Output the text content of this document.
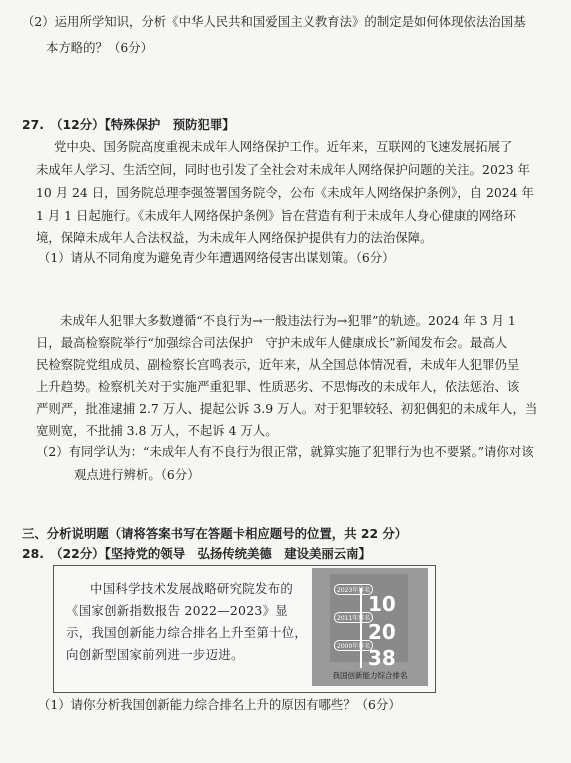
（2）运用所学知识，分析《中华人民共和国爱国主义教育法》的制定是如何体现依法治国基
本方略的？（6分）
27.　（12分）【特殊保护　预防犯罪】
党中央、国务院高度重视未成年人网络保护工作。近年来，互联网的飞速发展拓展了
未成年人学习、生活空间，同时也引发了全社会对未成年人网络保护问题的关注。2023 年
10 月 24 日，国务院总理李强签署国务院令，公布《未成年人网络保护条例》，自 2024 年
1 月 1 日起施行。《未成年人网络保护条例》旨在营造有利于未成年人身心健康的网络环
境，保障未成年人合法权益，为未成年人网络保护提供有力的法治保障。
（1）请从不同角度为避免青少年遭遇网络侵害出谋划策。（6分）
未成年人犯罪大多数遵循“不良行为→一般违法行为→犯罪”的轨迹。2024 年 3 月 1
日，最高检察院举行“加强综合司法保护　守护未成年人健康成长”新闻发布会。最高人
民检察院党组成员、副检察长宫鸣表示，近年来，从全国总体情况看，未成年人犯罪仍呈
上升趋势。检察机关对于实施严重犯罪、性质恶劣、不思悔改的未成年人，依法惩治、该
严则严，批准逮捕 2.7 万人、提起公诉 3.9 万人。对于犯罪较轻、初犯偶犯的未成年人，当
宽则宽，不批捕 3.8 万人，不起诉 4 万人。
（2）有同学认为：“未成年人有不良行为很正常，就算实施了犯罪行为也不要紧。”请你对该
观点进行辨析。（6分）
三、分析说明题（请将答案书写在答题卡相应题号的位置，共 22 分）
28.　（22分）【坚持党的领导　弘扬传统美德　建设美丽云南】
中国科学技术发展战略研究院发布的《国家创新指数报告 2022—2023》显示，我国创新能力综合排名上升至第十位，向创新型国家前列进一步迈进。
2023年排名
2011年排名
2000年排名
10
20
38
我国创新能力综合排名
（1）请你分析我国创新能力综合排名上升的原因有哪些？（6分）
